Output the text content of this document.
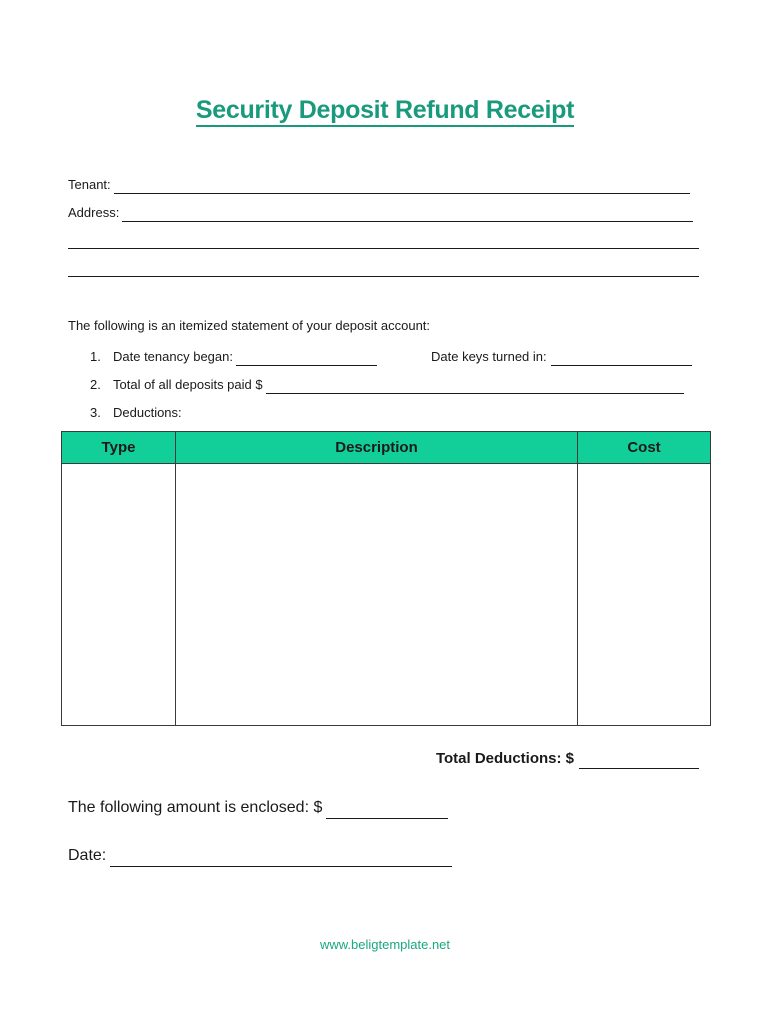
Security Deposit Refund Receipt
Tenant:
Address:
The following is an itemized statement of your deposit account:
1. Date tenancy began:	Date keys turned in:
2. Total of all deposits paid $
3. Deductions:
Type	Description	Cost

Total Deductions: $
The following amount is enclosed: $
Date:
www.beligtemplate.net
